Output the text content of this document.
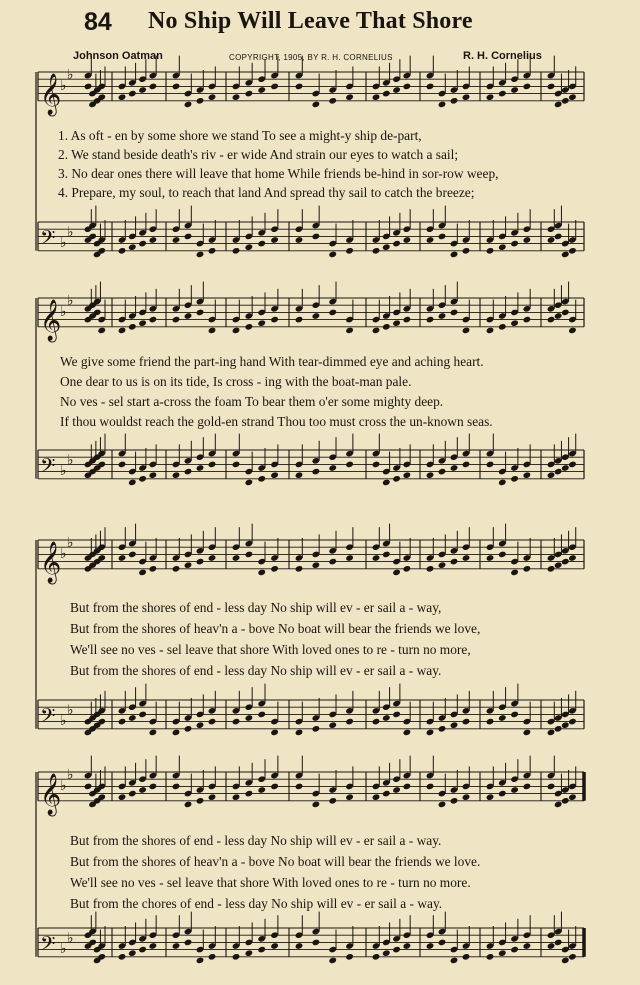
84 No Ship Will Leave That Shore
Johnson Oatman	COPYRIGHT, 1905, BY R. H. CORNELIUS	R. H. Cornelius
𝄞
♭
♭
𝄢 ♭
♭
𝄞
♭
♭
𝄢 ♭
♭
𝄞
♭
♭
𝄢 ♭
♭
𝄞
♭
♭
𝄢 ♭
♭
1. As oft - en by some shore we stand To see a might-y ship de-part,
2. We stand beside death's riv - er wide And strain our eyes to watch a sail;
3. No dear ones there will leave that home While friends be-hind in sor-row weep,
4. Prepare, my soul, to reach that land And spread thy sail to catch the breeze;
We give some friend the part-ing hand With tear-dimmed eye and aching heart.
One dear to us is on its tide, Is cross - ing with the boat-man pale.
No ves - sel start a-cross the foam To bear them o'er some mighty deep.
If thou wouldst reach the gold-en strand Thou too must cross the un-known seas.
But from the shores of end - less day No ship will ev - er sail a - way,
But from the shores of heav'n a - bove No boat will bear the friends we love,
We'll see no ves - sel leave that shore With loved ones to re - turn no more,
But from the shores of end - less day No ship will ev - er sail a - way.
But from the shores of end - less day No ship will ev - er sail a - way.
But from the shores of heav'n a - bove No boat will bear the friends we love.
We'll see no ves - sel leave that shore With loved ones to re - turn no more.
But from the chores of end - less day No ship will ev - er sail a - way.
